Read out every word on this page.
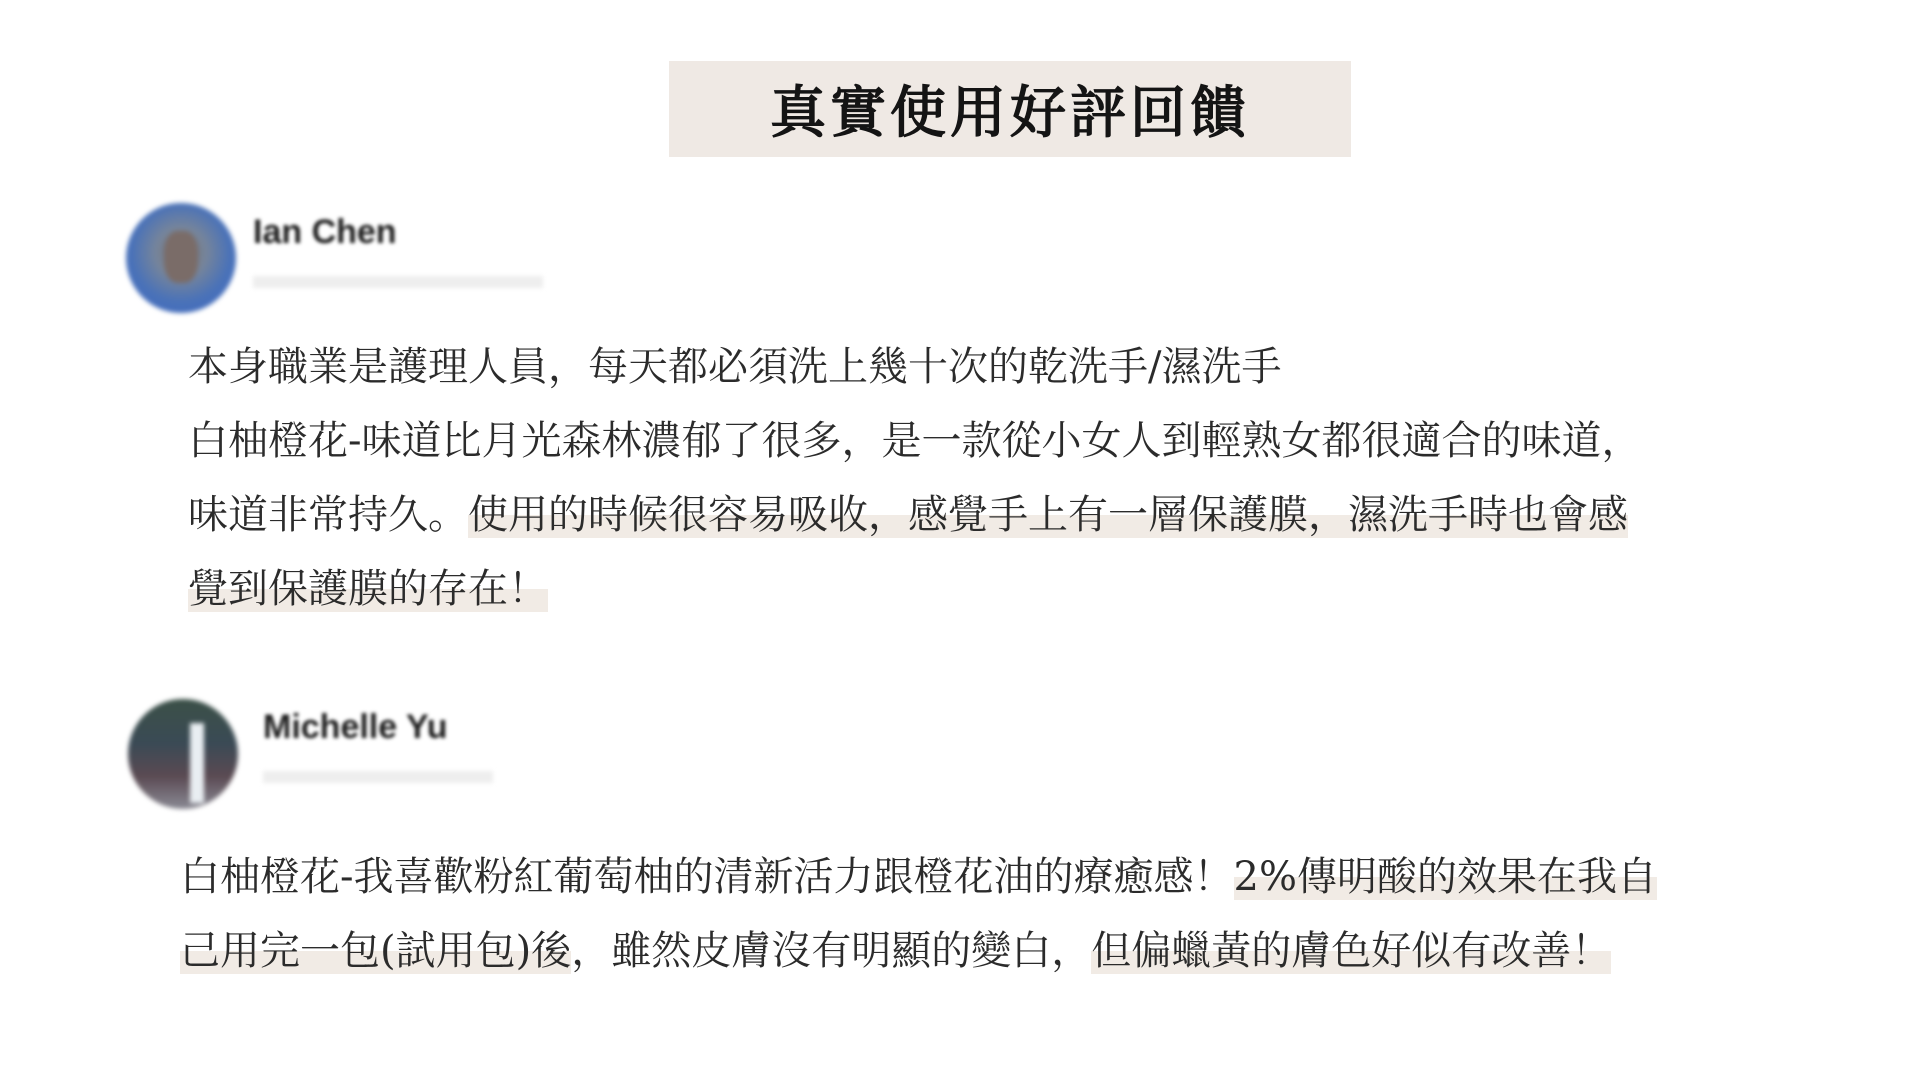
真實使用好評回饋
Ian Chen
本身職業是護理人員，每天都必須洗上幾十次的乾洗手/濕洗手
白柚橙花-味道比月光森林濃郁了很多，是一款從小女人到輕熟女都很適合的味道，
味道非常持久。使用的時候很容易吸收，感覺手上有一層保護膜，濕洗手時也會感
覺到保護膜的存在！
Michelle Yu
白柚橙花-我喜歡粉紅葡萄柚的清新活力跟橙花油的療癒感！2%傳明酸的效果在我自
己用完一包(試用包)後，雖然皮膚沒有明顯的變白，但偏蠟黃的膚色好似有改善！
